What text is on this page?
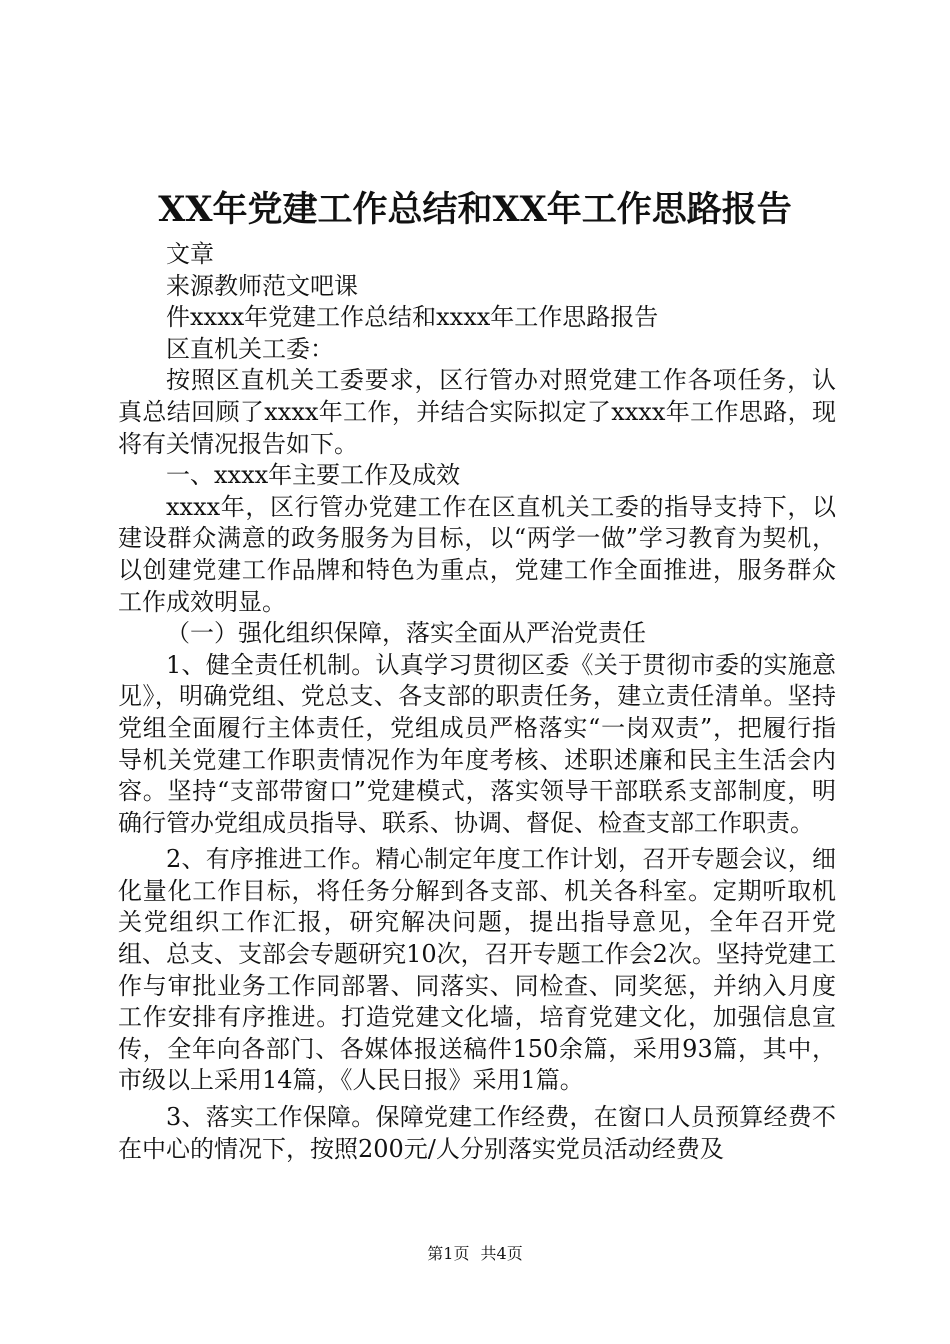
XX年党建工作总结和XX年工作思路报告

文章

来源教师范文吧课

件xxxx年党建工作总结和xxxx年工作思路报告

区直机关工委：

按照区直机关工委要求，区行管办对照党建工作各项任务，认真总结回顾了xxxx年工作，并结合实际拟定了xxxx年工作思路，现将有关情况报告如下。

一、xxxx年主要工作及成效

xxxx年，区行管办党建工作在区直机关工委的指导支持下，以建设群众满意的政务服务为目标，以“两学一做”学习教育为契机，以创建党建工作品牌和特色为重点，党建工作全面推进，服务群众工作成效明显。

（一）强化组织保障，落实全面从严治党责任

1、健全责任机制。认真学习贯彻区委《关于贯彻市委的实施意见》，明确党组、党总支、各支部的职责任务，建立责任清单。坚持党组全面履行主体责任，党组成员严格落实“一岗双责”，把履行指导机关党建工作职责情况作为年度考核、述职述廉和民主生活会内容。坚持“支部带窗口”党建模式，落实领导干部联系支部制度，明确行管办党组成员指导、联系、协调、督促、检查支部工作职责。

2、有序推进工作。精心制定年度工作计划，召开专题会议，细化量化工作目标，将任务分解到各支部、机关各科室。定期听取机关党组织工作汇报，研究解决问题，提出指导意见，全年召开党组、总支、支部会专题研究10次，召开专题工作会2次。坚持党建工作与审批业务工作同部署、同落实、同检查、同奖惩，并纳入月度工作安排有序推进。打造党建文化墙，培育党建文化，加强信息宣传，全年向各部门、各媒体报送稿件150余篇，采用93篇，其中，市级以上采用14篇，《人民日报》采用1篇。

3、落实工作保障。保障党建工作经费，在窗口人员预算经费不在中心的情况下，按照200元/人分别落实党员活动经费及

第1页 共4页
